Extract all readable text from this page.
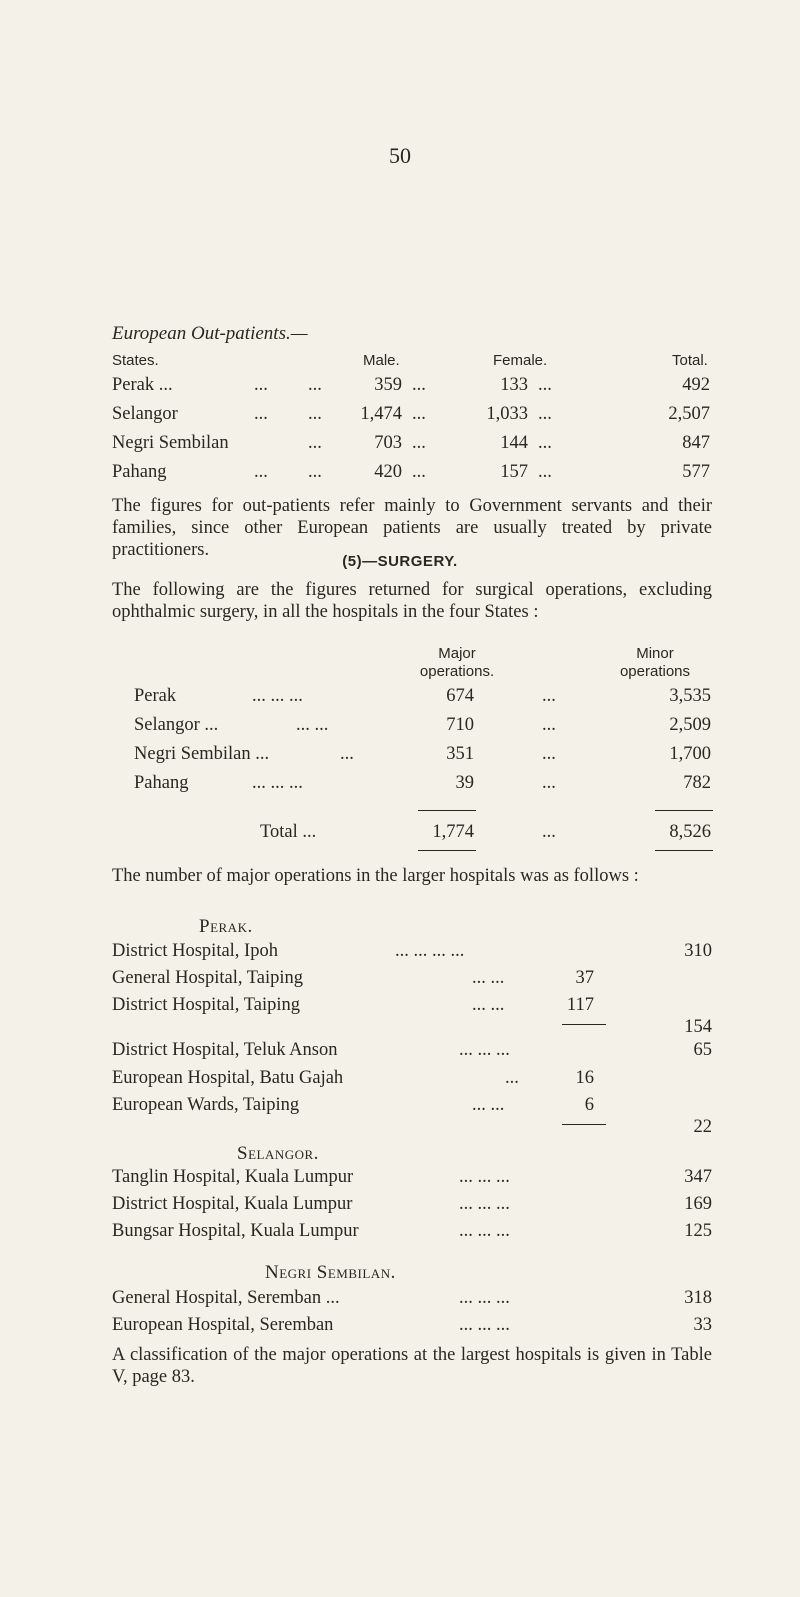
50
European Out-patients.—
States.	Male.	Female.	Total.
Perak ...	... ...	359 ...	133 ...	492
Selangor	... ...	1,474 ...	1,033 ...	2,507
Negri Sembilan	...	703 ...	144 ...	847
Pahang	... ...	420 ...	157 ...	577
The figures for out-patients refer mainly to Government servants and their families, since other European patients are usually treated by private practitioners.
(5)—SURGERY.
The following are the figures returned for surgical operations, excluding ophthalmic surgery, in all the hospitals in the four States :
Major
operations.
Minor
operations
Perak	... ... ...	674	...	3,535
Selangor ...	... ...	710	...	2,509
Negri Sembilan ...	...	351	...	1,700
Pahang	... ... ...	39	...	782
Total ...	1,774	...	8,526
The number of major operations in the larger hospitals was as follows :
Perak.
District Hospital, Ipoh	... ... ... ...	310
General Hospital, Taiping	... ...	37
District Hospital, Taiping	... ...	117
154
District Hospital, Teluk Anson	... ... ...	65
European Hospital, Batu Gajah	...	16
European Wards, Taiping	... ...	6
22
Selangor.
Tanglin Hospital, Kuala Lumpur	... ... ...	347
District Hospital, Kuala Lumpur	... ... ...	169
Bungsar Hospital, Kuala Lumpur	... ... ...	125
Negri Sembilan.
General Hospital, Seremban ...	... ... ...	318
European Hospital, Seremban	... ... ...	33
A classification of the major operations at the largest hospitals is given in Table V, page 83.
